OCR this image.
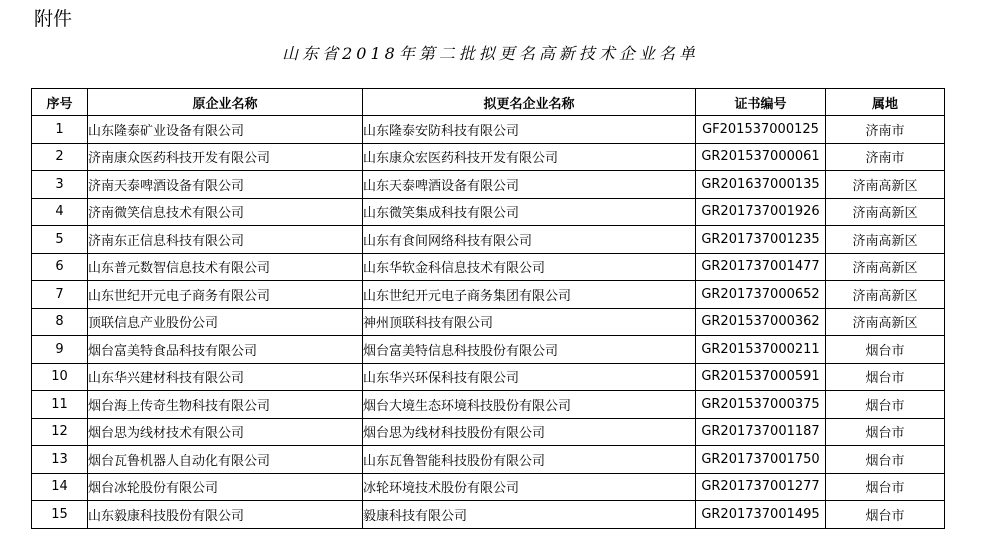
附件
山东省2018年第二批拟更名高新技术企业名单
序号	原企业名称	拟更名企业名称	证书编号	属地
1	山东隆泰矿业设备有限公司	山东隆泰安防科技有限公司	GF201537000125	济南市
2	济南康众医药科技开发有限公司	山东康众宏医药科技开发有限公司	GR201537000061	济南市
3	济南天泰啤酒设备有限公司	山东天泰啤酒设备有限公司	GR201637000135	济南高新区
4	济南微笑信息技术有限公司	山东微笑集成科技有限公司	GR201737001926	济南高新区
5	济南东正信息科技有限公司	山东有食间网络科技有限公司	GR201737001235	济南高新区
6	山东普元数智信息技术有限公司	山东华软金科信息技术有限公司	GR201737001477	济南高新区
7	山东世纪开元电子商务有限公司	山东世纪开元电子商务集团有限公司	GR201737000652	济南高新区
8	顶联信息产业股份公司	神州顶联科技有限公司	GR201537000362	济南高新区
9	烟台富美特食品科技有限公司	烟台富美特信息科技股份有限公司	GR201537000211	烟台市
10	山东华兴建材科技有限公司	山东华兴环保科技有限公司	GR201537000591	烟台市
11	烟台海上传奇生物科技有限公司	烟台大境生态环境科技股份有限公司	GR201537000375	烟台市
12	烟台思为线材技术有限公司	烟台思为线材科技股份有限公司	GR201737001187	烟台市
13	烟台瓦鲁机器人自动化有限公司	山东瓦鲁智能科技股份有限公司	GR201737001750	烟台市
14	烟台冰轮股份有限公司	冰轮环境技术股份有限公司	GR201737001277	烟台市
15	山东毅康科技股份有限公司	毅康科技有限公司	GR201737001495	烟台市
